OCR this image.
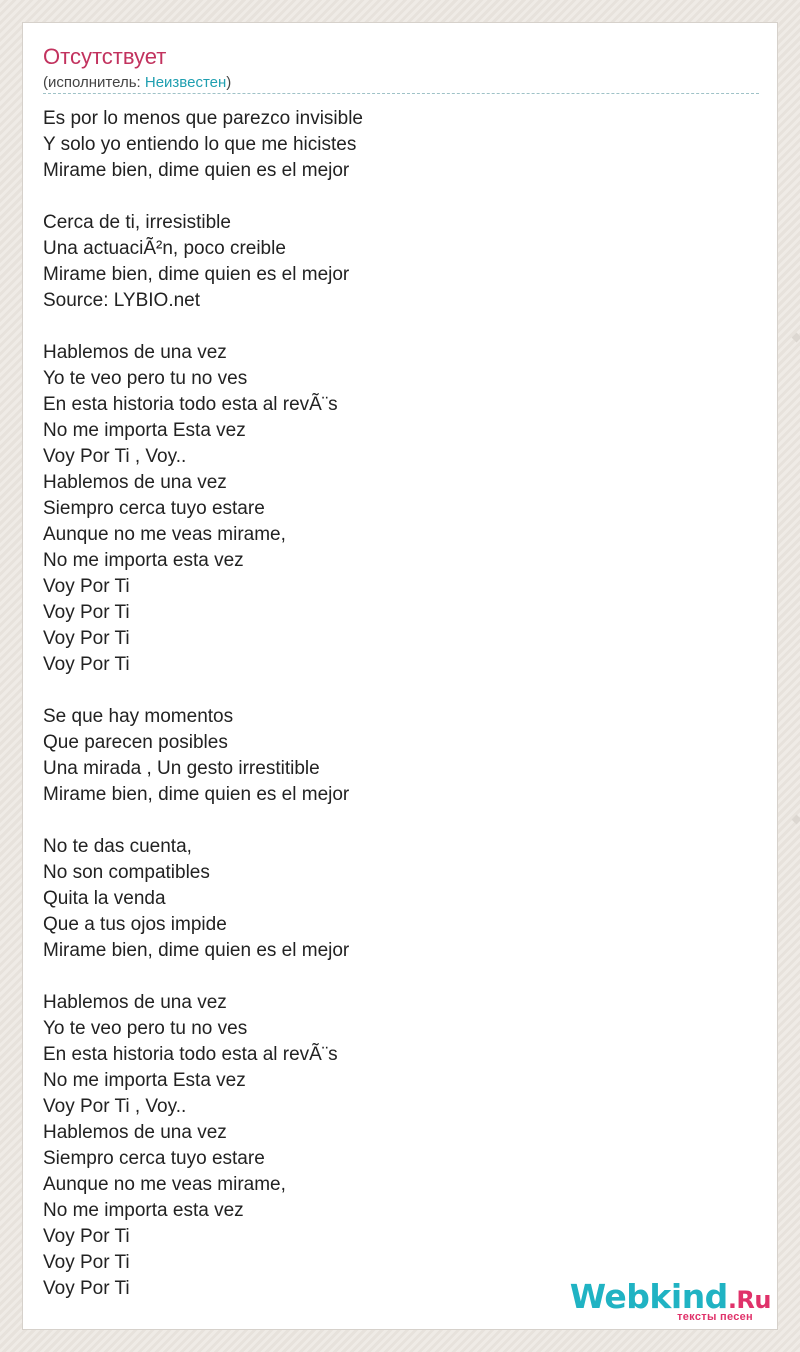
Отсутствует
(исполнитель: Неизвестен)
Es por lo menos que parezco invisible
Y solo yo entiendo lo que me hicistes
Mirame bien, dime quien es el mejor
Cerca de ti, irresistible
Una actuaciÃ²n, poco creible
Mirame bien, dime quien es el mejor
Source: LYBIO.net
Hablemos de una vez
Yo te veo pero tu no ves
En esta historia todo esta al revÃ¨s
No me importa Esta vez
Voy Por Ti , Voy..
Hablemos de una vez
Siempro cerca tuyo estare
Aunque no me veas mirame,
No me importa esta vez
Voy Por Ti
Voy Por Ti
Voy Por Ti
Voy Por Ti
Se que hay momentos
Que parecen posibles
Una mirada , Un gesto irrestitible
Mirame bien, dime quien es el mejor
No te das cuenta,
No son compatibles
Quita la venda
Que a tus ojos impide
Mirame bien, dime quien es el mejor
Hablemos de una vez
Yo te veo pero tu no ves
En esta historia todo esta al revÃ¨s
No me importa Esta vez
Voy Por Ti , Voy..
Hablemos de una vez
Siempro cerca tuyo estare
Aunque no me veas mirame,
No me importa esta vez
Voy Por Ti
Voy Por Ti
Voy Por Ti	Webkind.Ru
тексты песен
